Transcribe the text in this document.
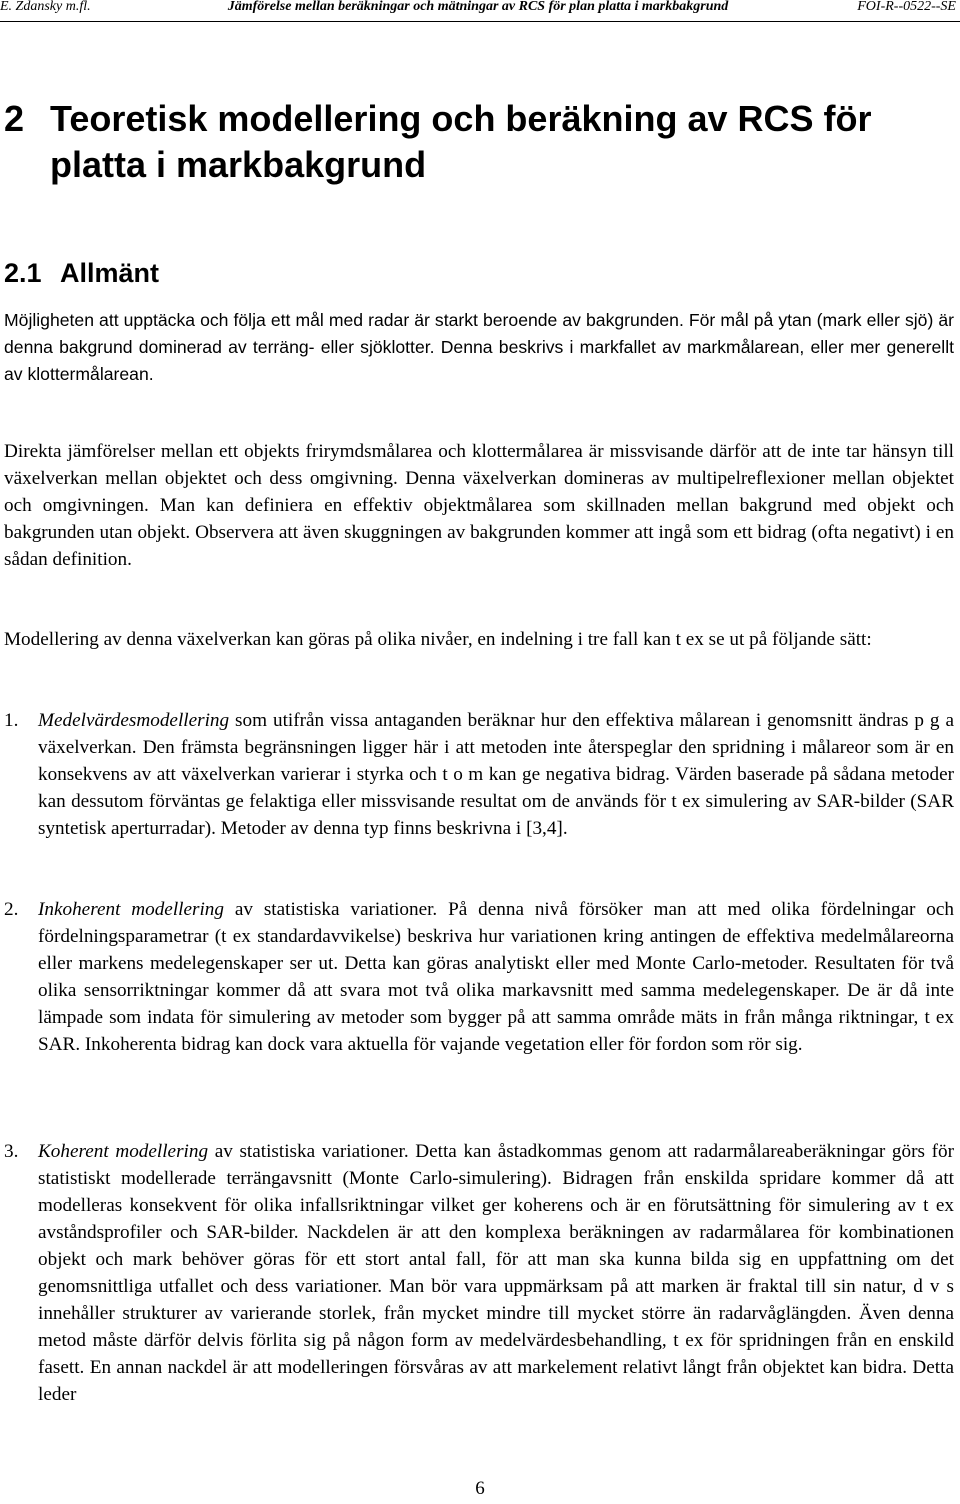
E. Zdansky m.fl.	Jämförelse mellan beräkningar och mätningar av RCS för plan platta i markbakgrund	FOI-R--0522--SE
2 Teoretisk modellering och beräkning av RCS för platta i markbakgrund
2.1 Allmänt

Möjligheten att upptäcka och följa ett mål med radar är starkt beroende av bakgrunden. För mål på ytan (mark eller sjö) är denna bakgrund dominerad av terräng- eller sjöklotter. Denna beskrivs i markfallet av markmålarean, eller mer generellt av klottermålarean.

Direkta jämförelser mellan ett objekts frirymdsmålarea och klottermålarea är missvisande därför att de inte tar hänsyn till växelverkan mellan objektet och dess omgivning. Denna växelverkan domineras av multipelreflexioner mellan objektet och omgivningen. Man kan definiera en effektiv objektmålarea som skillnaden mellan bakgrund med objekt och bakgrunden utan objekt. Observera att även skuggningen av bakgrunden kommer att ingå som ett bidrag (ofta negativt) i en sådan definition.

Modellering av denna växelverkan kan göras på olika nivåer, en indelning i tre fall kan t ex se ut på följande sätt:

1. Medelvärdesmodellering som utifrån vissa antaganden beräknar hur den effektiva målarean i genomsnitt ändras p g a växelverkan. Den främsta begränsningen ligger här i att metoden inte återspeglar den spridning i målareor som är en konsekvens av att växelverkan varierar i styrka och t o m kan ge negativa bidrag. Värden baserade på sådana metoder kan dessutom förväntas ge felaktiga eller missvisande resultat om de används för t ex simulering av SAR-bilder (SAR syntetisk aperturradar). Metoder av denna typ finns beskrivna i [3,4].
2. Inkoherent modellering av statistiska variationer. På denna nivå försöker man att med olika fördelningar och fördelningsparametrar (t ex standardavvikelse) beskriva hur variationen kring antingen de effektiva medelmålareorna eller markens medelegenskaper ser ut. Detta kan göras analytiskt eller med Monte Carlo-metoder. Resultaten för två olika sensorriktningar kommer då att svara mot två olika markavsnitt med samma medelegenskaper. De är då inte lämpade som indata för simulering av metoder som bygger på att samma område mäts in från många riktningar, t ex SAR. Inkoherenta bidrag kan dock vara aktuella för vajande vegetation eller för fordon som rör sig.
3. Koherent modellering av statistiska variationer. Detta kan åstadkommas genom att radarmålareaberäkningar görs för statistiskt modellerade terrängavsnitt (Monte Carlo-simulering). Bidragen från enskilda spridare kommer då att modelleras konsekvent för olika infallsriktningar vilket ger koherens och är en förutsättning för simulering av t ex avståndsprofiler och SAR-bilder. Nackdelen är att den komplexa beräkningen av radarmålarea för kombinationen objekt och mark behöver göras för ett stort antal fall, för att man ska kunna bilda sig en uppfattning om det genomsnittliga utfallet och dess variationer. Man bör vara uppmärksam på att marken är fraktal till sin natur, d v s innehåller strukturer av varierande storlek, från mycket mindre till mycket större än radarvåglängden. Även denna metod måste därför delvis förlita sig på någon form av medelvärdesbehandling, t ex för spridningen från en enskild fasett. En annan nackdel är att modelleringen försvåras av att markelement relativt långt från objektet kan bidra. Detta leder
6
